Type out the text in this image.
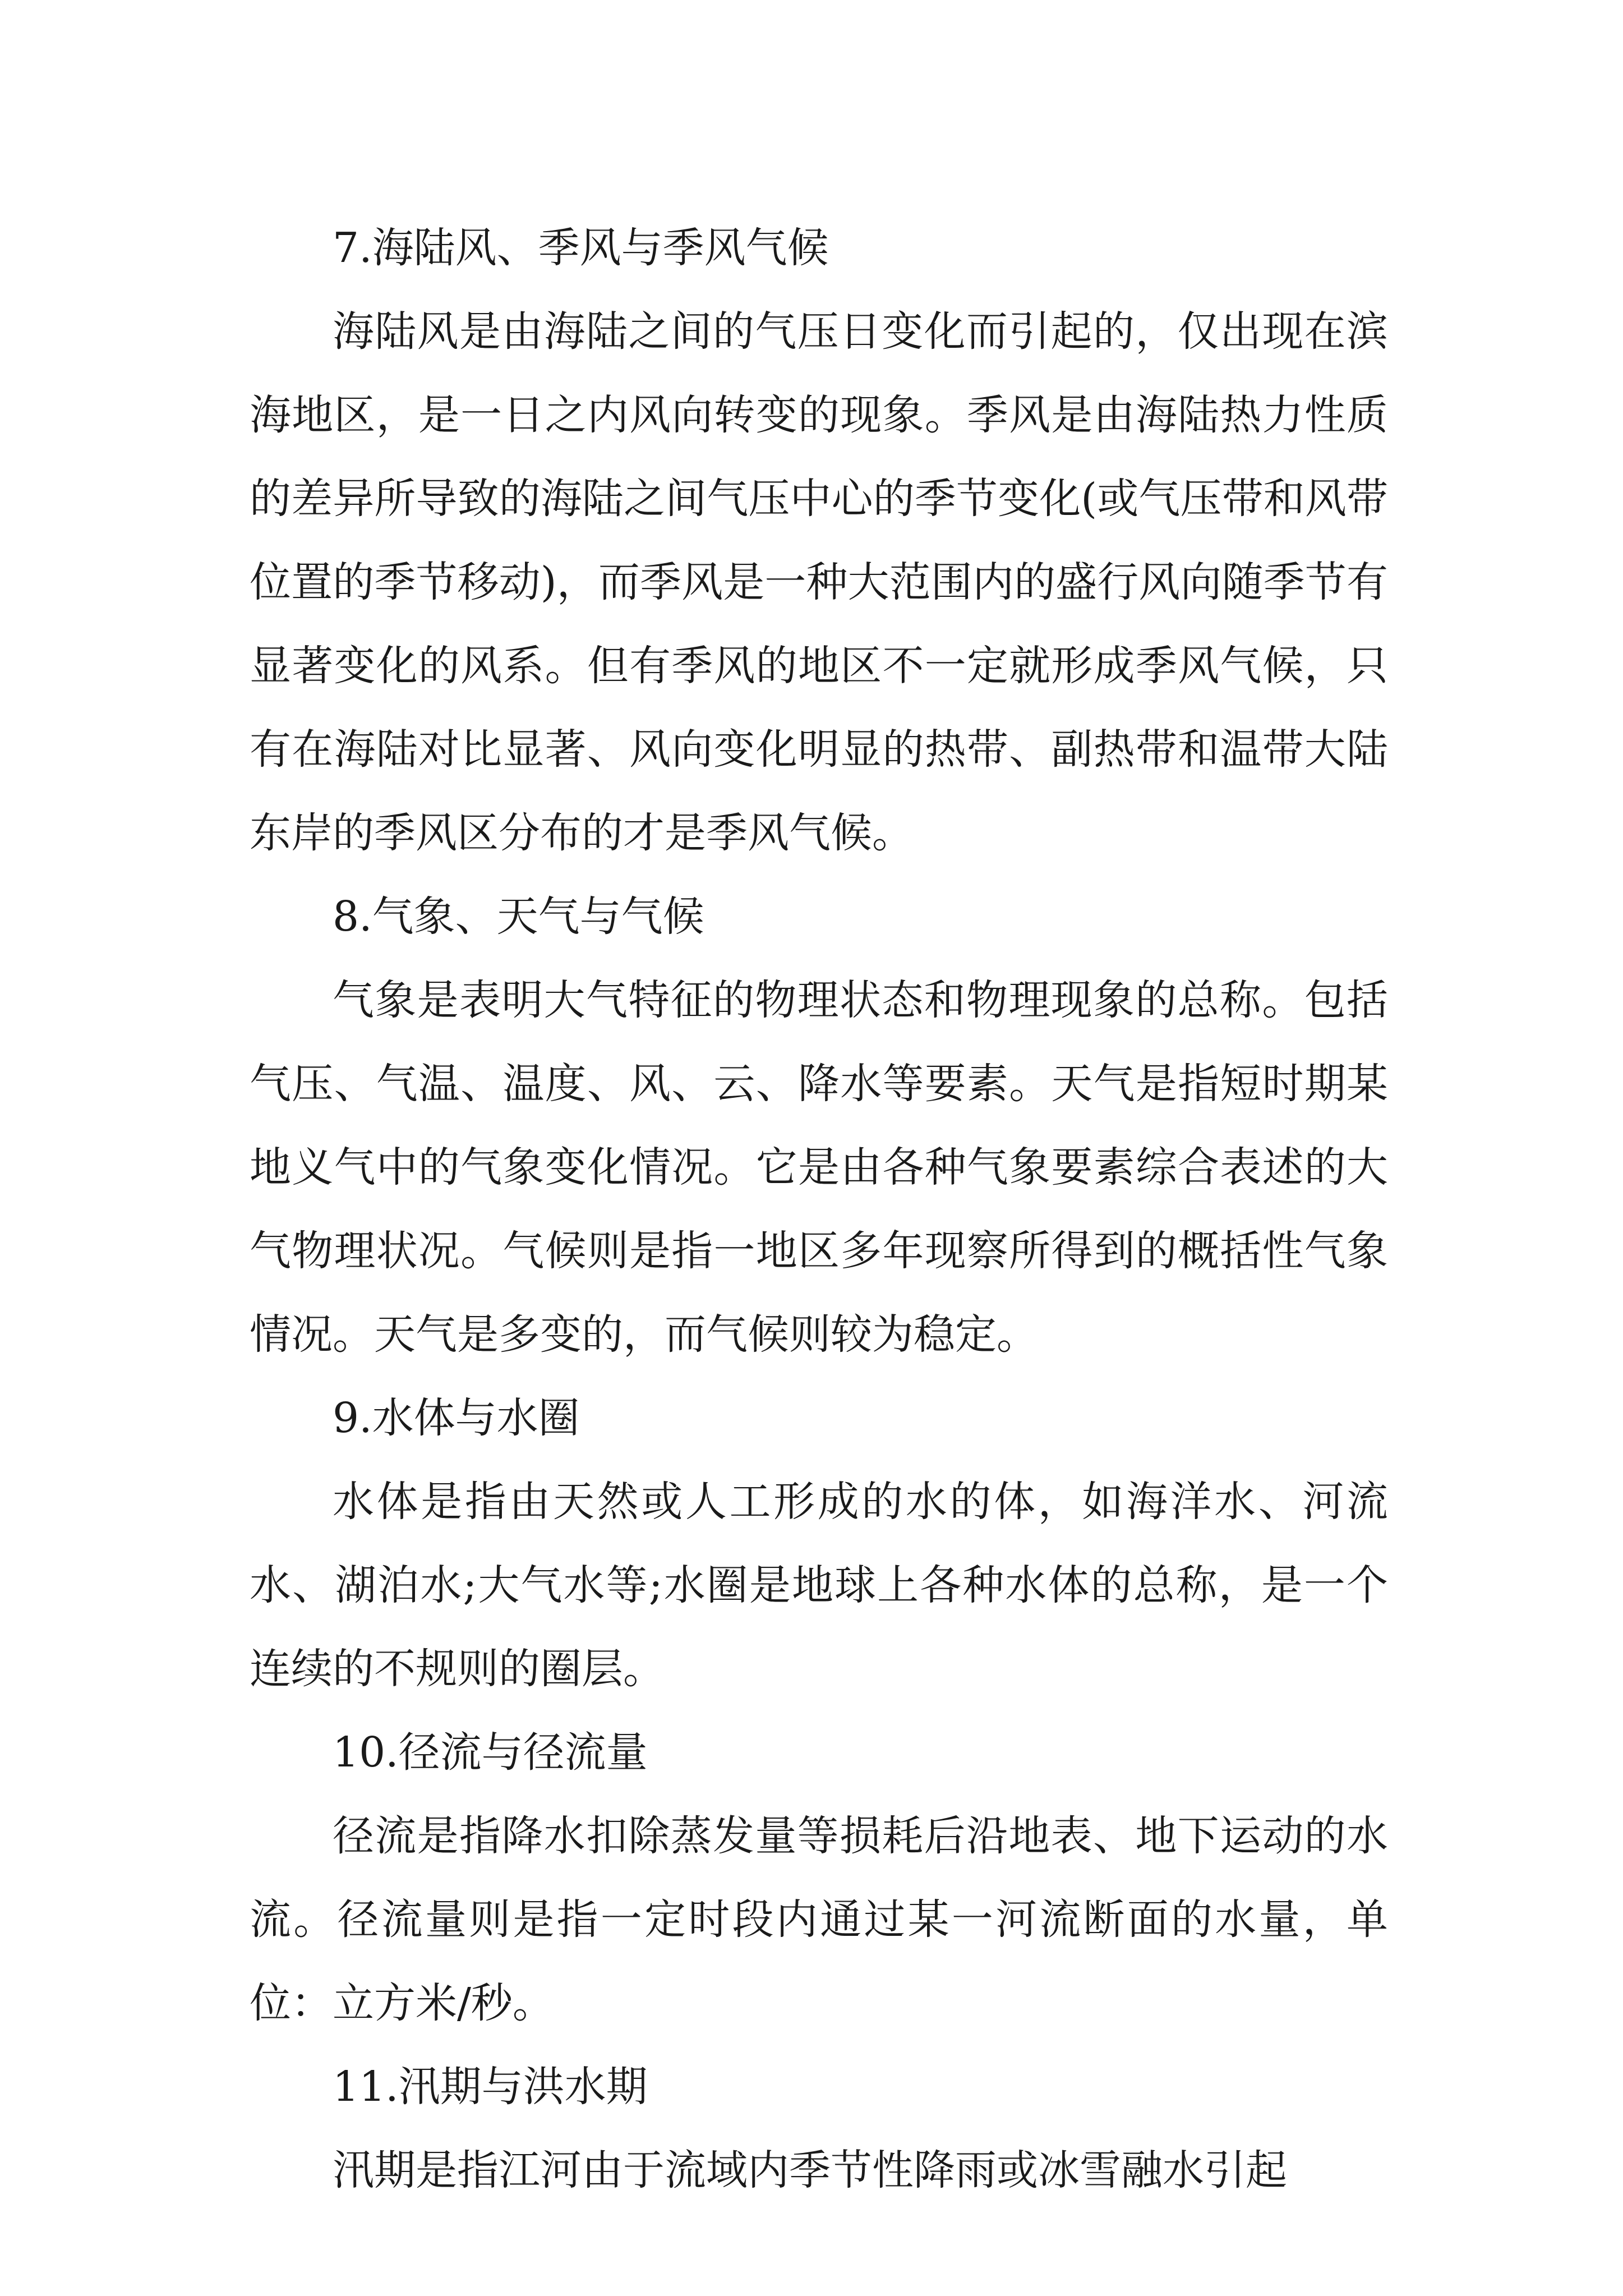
7.海陆风、季风与季风气候

海陆风是由海陆之间的气压日变化而引起的，仅出现在滨海地区，是一日之内风向转变的现象。季风是由海陆热力性质的差异所导致的海陆之间气压中心的季节变化(或气压带和风带位置的季节移动)，而季风是一种大范围内的盛行风向随季节有显著变化的风系。但有季风的地区不一定就形成季风气候，只有在海陆对比显著、风向变化明显的热带、副热带和温带大陆东岸的季风区分布的才是季风气候。

8.气象、天气与气候

气象是表明大气特征的物理状态和物理现象的总称。包括气压、气温、温度、风、云、降水等要素。天气是指短时期某地义气中的气象变化情况。它是由各种气象要素综合表述的大气物理状况。气候则是指一地区多年现察所得到的概括性气象情况。天气是多变的，而气候则较为稳定。

9.水体与水圈

水体是指由天然或人工形成的水的体，如海洋水、河流水、湖泊水;大气水等;水圈是地球上各种水体的总称，是一个连续的不规则的圈层。

10.径流与径流量

径流是指降水扣除蒸发量等损耗后沿地表、地下运动的水流。径流量则是指一定时段内通过某一河流断面的水量，单位：立方米/秒。

11.汛期与洪水期

汛期是指江河由于流域内季节性降雨或冰雪融水引起
